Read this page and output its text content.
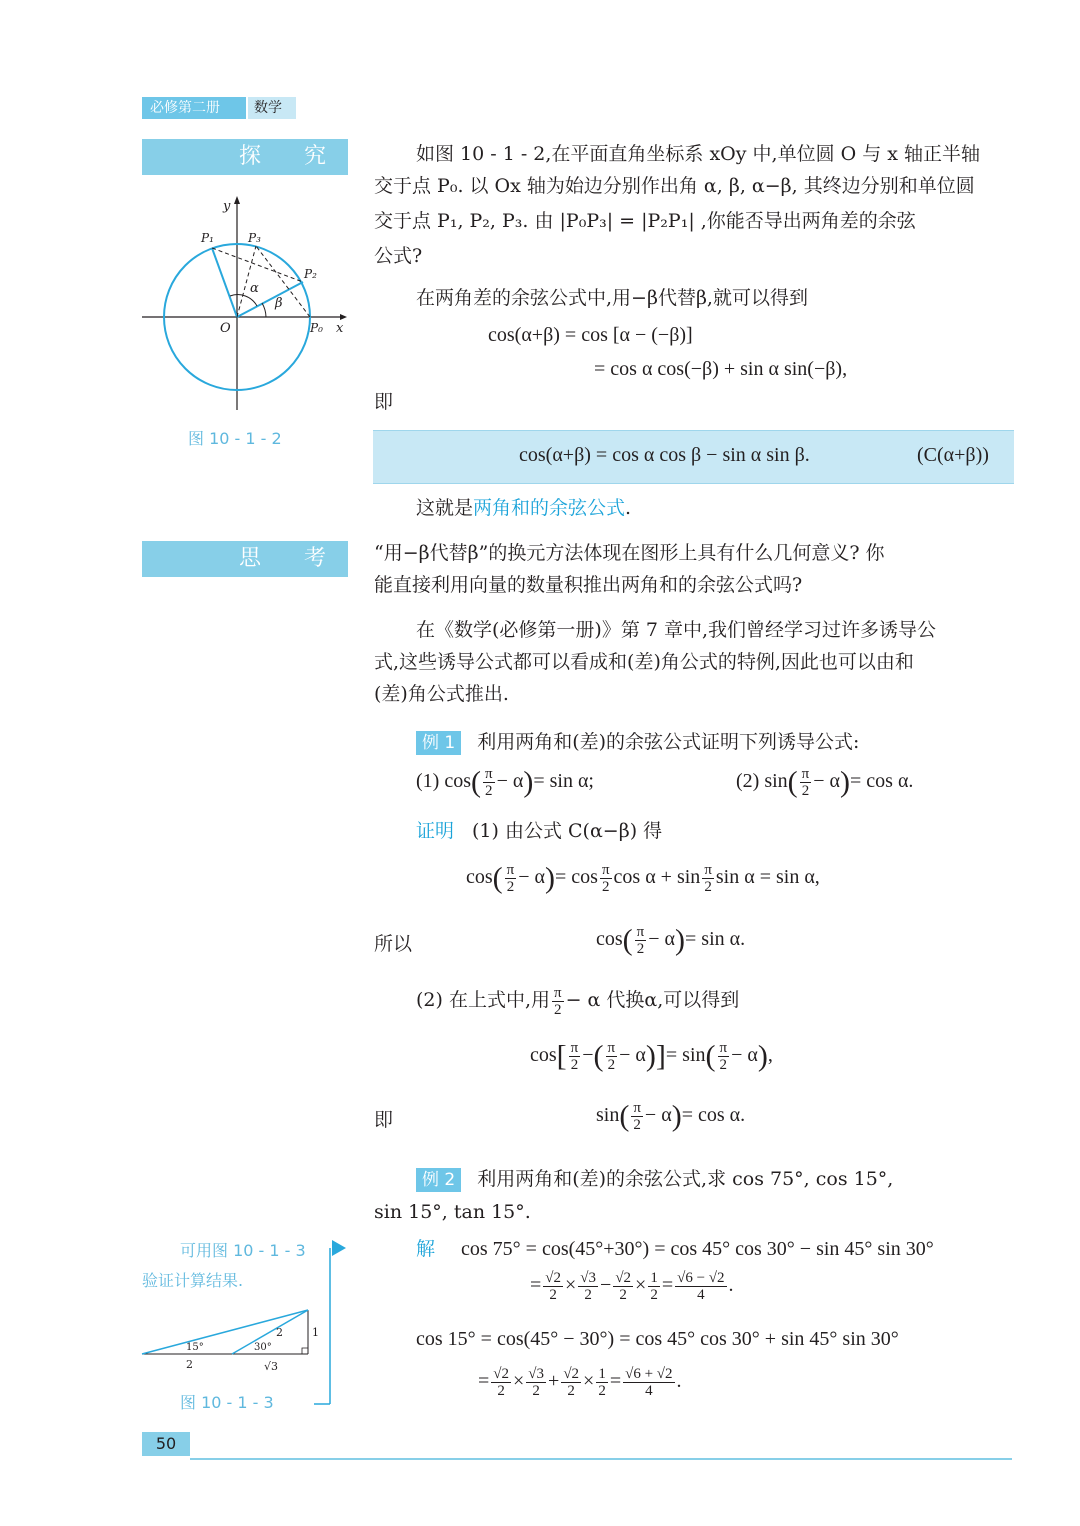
必修第二册	数学
探 究
y
x
O	P₀
P₁
P₂
P₃
α
β
图 10 - 1 - 2
思 考
如图 10 - 1 - 2,在平面直角坐标系 xOy 中,单位圆 O 与 x 轴正半轴
交于点 P₀. 以 Ox 轴为始边分别作出角 α, β, α−β, 其终边分别和单位圆
交于点 P₁, P₂, P₃. 由 |P₀P₃| = |P₂P₁| ,你能否导出两角差的余弦
公式?
在两角差的余弦公式中,用−β代替β,就可以得到
cos(α+β) = cos [α − (−β)]
= cos α cos(−β) + sin α sin(−β),
即
cos(α+β) = cos α cos β − sin α sin β.	(C(α+β))
这就是两角和的余弦公式.
“用−β代替β”的换元方法体现在图形上具有什么几何意义? 你
能直接利用向量的数量积推出两角和的余弦公式吗?
在《数学(必修第一册)》第 7 章中,我们曾经学习过许多诱导公
式,这些诱导公式都可以看成和(差)角公式的特例,因此也可以由和
(差)角公式推出.
例 1 利用两角和(差)的余弦公式证明下列诱导公式:
(1) $\cos( \frac{\pi}{2} - \alpha)= \sin \alpha$;	(2) $\sin( \frac{\pi}{2} - \alpha)= \cos \alpha$.
证明 (1) 由公式 C(α−β) 得
$\cos( \frac{\pi}{2} - \alpha)= \cos \frac{\pi}{2}$ $\cos \alpha + \sin \frac{\pi}{2}$ sin α = sin α,
所以	$\cos( \frac{\pi}{2} - \alpha)= \sin \alpha$.
(2) 在上式中,用 $\frac{\pi}{2} - \alpha$ 代换α,可以得到
$\cos[ \frac{\pi}{2}$ −( $\frac{\pi}{2} - \alpha)]= \sin( \frac{\pi}{2} - \alpha)$,
即	$\sin( \frac{\pi}{2} - \alpha)= \cos \alpha$.
例 2 利用两角和(差)的余弦公式,求 cos 75°, cos 15°,
sin 15°, tan 15°.
解 cos 75° = cos(45°+30°) = cos 45° cos 30° − sin 45° sin 30°
= $\frac{√2}{2} \times \frac{√3}{2} - \frac{√2}{2} \times \frac{1}{2} = \frac{√6 - √2}{4}$ .
cos 15° = cos(45° − 30°) = cos 45° cos 30° + sin 45° sin 30°
= $\frac{√2}{2} \times \frac{√3}{2} + \frac{√2}{2} \times \frac{1}{2} = \frac{√6 + √2}{4}$ .
可用图 10 - 1 - 3
验证计算结果.
15°	30°
2	√3
2	1
图 10 - 1 - 3
50
